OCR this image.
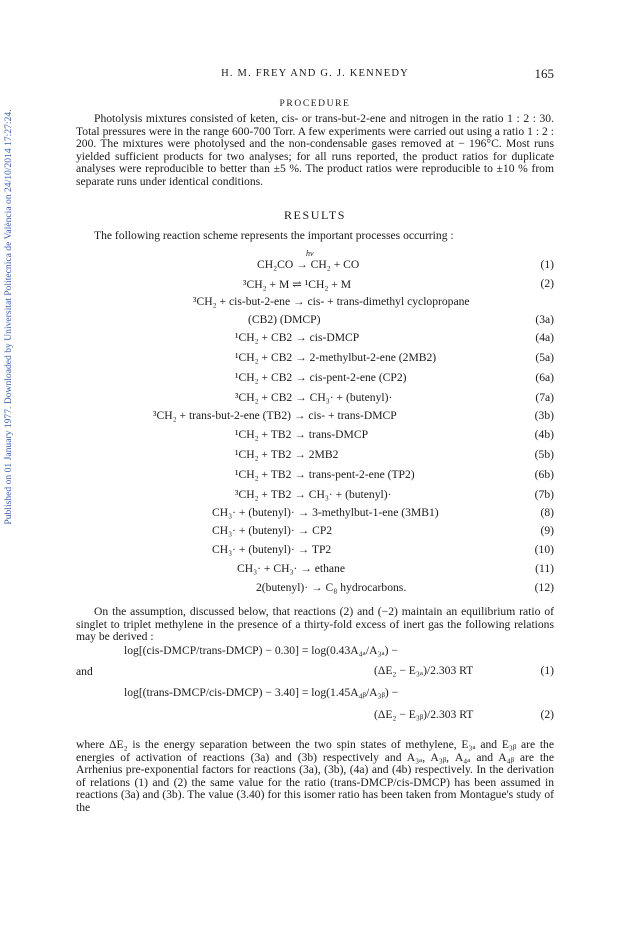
Published on 01 January 1977. Downloaded by Universitat Politecnica de València on 24/10/2014 17:27:24.
H. M. FREY AND G. J. KENNEDY	165
PROCEDURE
Photolysis mixtures consisted of keten, cis- or trans-but-2-ene and nitrogen in the ratio 1 : 2 : 30. Total pressures were in the range 600-700 Torr. A few experiments were carried out using a ratio 1 : 2 : 200. The mixtures were photolysed and the non-condensable gases removed at − 196°C. Most runs yielded sufficient products for two analyses; for all runs reported, the product ratios for duplicate analyses were reproducible to better than ±5 %. The product ratios were reproducible to ±10 % from separate runs under identical conditions.
RESULTS
The following reaction scheme represents the important processes occurring :
hν
CH₂CO → CH₂ + CO	(1)
³CH₂ + M ⇌ ¹CH₂ + M	(2)
³CH₂ + cis-but-2-ene → cis- + trans-dimethyl cyclopropane
(CB2) (DMCP)	(3a)
¹CH₂ + CB2 → cis-DMCP	(4a)
¹CH₂ + CB2 → 2-methylbut-2-ene (2MB2)	(5a)
¹CH₂ + CB2 → cis-pent-2-ene (CP2)	(6a)
³CH₂ + CB2 → CH₃· + (butenyl)·	(7a)
³CH₂ + trans-but-2-ene (TB2) → cis- + trans-DMCP	(3b)
¹CH₂ + TB2 → trans-DMCP	(4b)
¹CH₂ + TB2 → 2MB2	(5b)
¹CH₂ + TB2 → trans-pent-2-ene (TP2)	(6b)
³CH₂ + TB2 → CH₃· + (butenyl)·	(7b)
CH₃· + (butenyl)· → 3-methylbut-1-ene (3MB1)	(8)
CH₃· + (butenyl)· → CP2	(9)
CH₃· + (butenyl)· → TP2	(10)
CH₃· + CH₃· → ethane	(11)
2(butenyl)· → C₈ hydrocarbons.	(12)
On the assumption, discussed below, that reactions (2) and (−2) maintain an equilibrium ratio of singlet to triplet methylene in the presence of a thirty-fold excess of inert gas the following relations may be derived :
log[(cis-DMCP/trans-DMCP) − 0.30] = log(0.43A₄ₐ/A₃ₐ) −
(ΔE₂ − E₃ₐ)/2.303 RT	(1)
and
log[(trans-DMCP/cis-DMCP) − 3.40] = log(1.45A₄ᵦ/A₃ᵦ) −
(ΔE₂ − E₃ᵦ)/2.303 RT	(2)
where ΔE₂ is the energy separation between the two spin states of methylene, E₃ₐ and E₃ᵦ are the energies of activation of reactions (3a) and (3b) respectively and A₃ₐ, A₃ᵦ, A₄ₐ and A₄ᵦ are the Arrhenius pre-exponential factors for reactions (3a), (3b), (4a) and (4b) respectively. In the derivation of relations (1) and (2) the same value for the ratio (trans-DMCP/cis-DMCP) has been assumed in reactions (3a) and (3b). The value (3.40) for this isomer ratio has been taken from Montague's study of the
